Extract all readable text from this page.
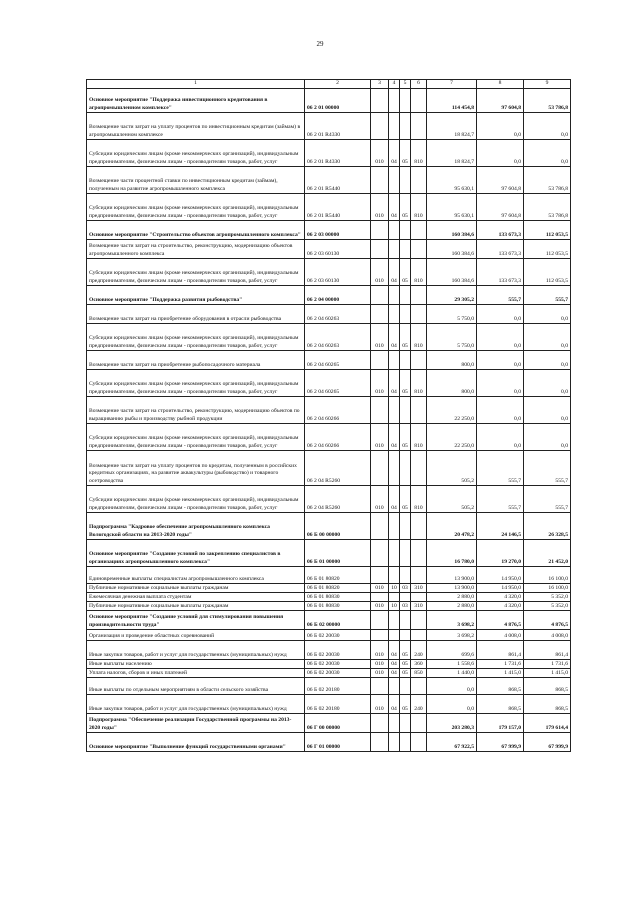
29
1	2	3	4	5	6	7	8	9
Основное мероприятие "Поддержка инвестиционного кредитования в агропромышленном комплексе"	06 2 01 00000					114 454,8	97 604,8	53 786,8
Возмещение части затрат на уплату процентов по инвестиционным кредитам (займам) в агропромышленном комплексе	06 2 01 R4330					18 824,7	0,0	0,0
Субсидии юридическим лицам (кроме некоммерческих организаций), индивидуальным предпринимателям, физическим лицам - производителям товаров, работ, услуг	06 2 01 R4330	010	04	05	810	18 824,7	0,0	0,0
Возмещение части процентной ставки по инвестиционным кредитам (займам), полученным на развитие агропромышленного комплекса	06 2 01 R5440					95 630,1	97 604,8	53 786,8
Субсидии юридическим лицам (кроме некоммерческих организаций), индивидуальным предпринимателям, физическим лицам - производителям товаров, работ, услуг	06 2 01 R5440	010	04	05	810	95 630,1	97 604,8	53 786,8
Основное мероприятие "Строительство объектов агропромышленного комплекса"	06 2 03 00000					160 384,6	133 673,3	112 053,5
Возмещение части затрат на строительство, реконструкцию, модернизацию объектов агропромышленного комплекса	06 2 03 60130					160 384,6	133 673,3	112 053,5
Субсидии юридическим лицам (кроме некоммерческих организаций), индивидуальным предпринимателям, физическим лицам - производителям товаров, работ, услуг	06 2 03 60130	010	04	05	810	160 384,6	133 673,3	112 053,5
Основное мероприятие "Поддержка развития рыбоводства"	06 2 04 00000					29 305,2	555,7	555,7
Возмещение части затрат на приобретение оборудования в отрасли рыбоводства	06 2 04 60263					5 750,0	0,0	0,0
Субсидии юридическим лицам (кроме некоммерческих организаций), индивидуальным предпринимателям, физическим лицам - производителям товаров, работ, услуг	06 2 04 60263	010	04	05	810	5 750,0	0,0	0,0
Возмещение части затрат на приобретение рыбопосадочного материала	06 2 04 60265					800,0	0,0	0,0
Субсидии юридическим лицам (кроме некоммерческих организаций), индивидуальным предпринимателям, физическим лицам - производителям товаров, работ, услуг	06 2 04 60265	010	04	05	810	800,0	0,0	0,0
Возмещение части затрат на строительство, реконструкцию, модернизацию объектов по выращиванию рыбы и производству рыбной продукции	06 2 04 60266					22 250,0	0,0	0,0
Субсидии юридическим лицам (кроме некоммерческих организаций), индивидуальным предпринимателям, физическим лицам - производителям товаров, работ, услуг	06 2 04 60266	010	04	05	810	22 250,0	0,0	0,0
Возмещение части затрат на уплату процентов по кредитам, полученным в российских кредитных организациях, на развитие аквакультуры (рыбоводство) и товарного осетроводства	06 2 04 R5260					505,2	555,7	555,7
Субсидии юридическим лицам (кроме некоммерческих организаций), индивидуальным предпринимателям, физическим лицам - производителям товаров, работ, услуг	06 2 04 R5260	010	04	05	810	505,2	555,7	555,7
Подпрограмма "Кадровое обеспечение агропромышленного комплекса Вологодской области на 2013-2020 годы"	06 Б 00 00000					20 478,2	24 146,5	26 328,5
Основное мероприятие "Создание условий по закреплению специалистов в организациях агропромышленного комплекса"	06 Б 01 00000					16 780,0	19 270,0	21 452,0
Единовременные выплаты специалистам агропромышленного комплекса	06 Б 01 80820					13 900,0	14 950,0	16 100,0
Публичные нормативные социальные выплаты гражданам	06 Б 01 80820	010	10	03	310	13 900,0	14 950,0	16 100,0
Ежемесячная денежная выплата студентам	06 Б 01 80830					2 880,0	4 320,0	5 352,0
Публичные нормативные социальные выплаты гражданам	06 Б 01 80830	010	10	03	310	2 880,0	4 320,0	5 352,0
Основное мероприятие "Создание условий для стимулирования повышения производительности труда"	06 Б 02 00000					3 698,2	4 876,5	4 876,5
Организация и проведение областных соревнований	06 Б 02 20030					3 698,2	4 008,0	4 008,0
Иные закупки товаров, работ и услуг для государственных (муниципальных) нужд	06 Б 02 20030	010	04	05	240	699,6	861,4	861,4
Иные выплаты населению	06 Б 02 20030	010	04	05	360	1 558,6	1 731,6	1 731,6
Уплата налогов, сборов и иных платежей	06 Б 02 20030	010	04	05	850	1 440,0	1 415,0	1 415,0
Иные выплаты по отдельным мероприятиям в области сельского хозяйства	06 Б 02 20180					0,0	868,5	868,5
Иные закупки товаров, работ и услуг для государственных (муниципальных) нужд	06 Б 02 20180	010	04	05	240	0,0	868,5	868,5
Подпрограмма "Обеспечение реализации Государственной программы на 2013-2020 годы"	06 Г 00 00000					203 280,3	179 157,0	179 614,4
Основное мероприятие "Выполнение функций государственными органами"	06 Г 01 00000					67 922,5	67 999,9	67 999,9
